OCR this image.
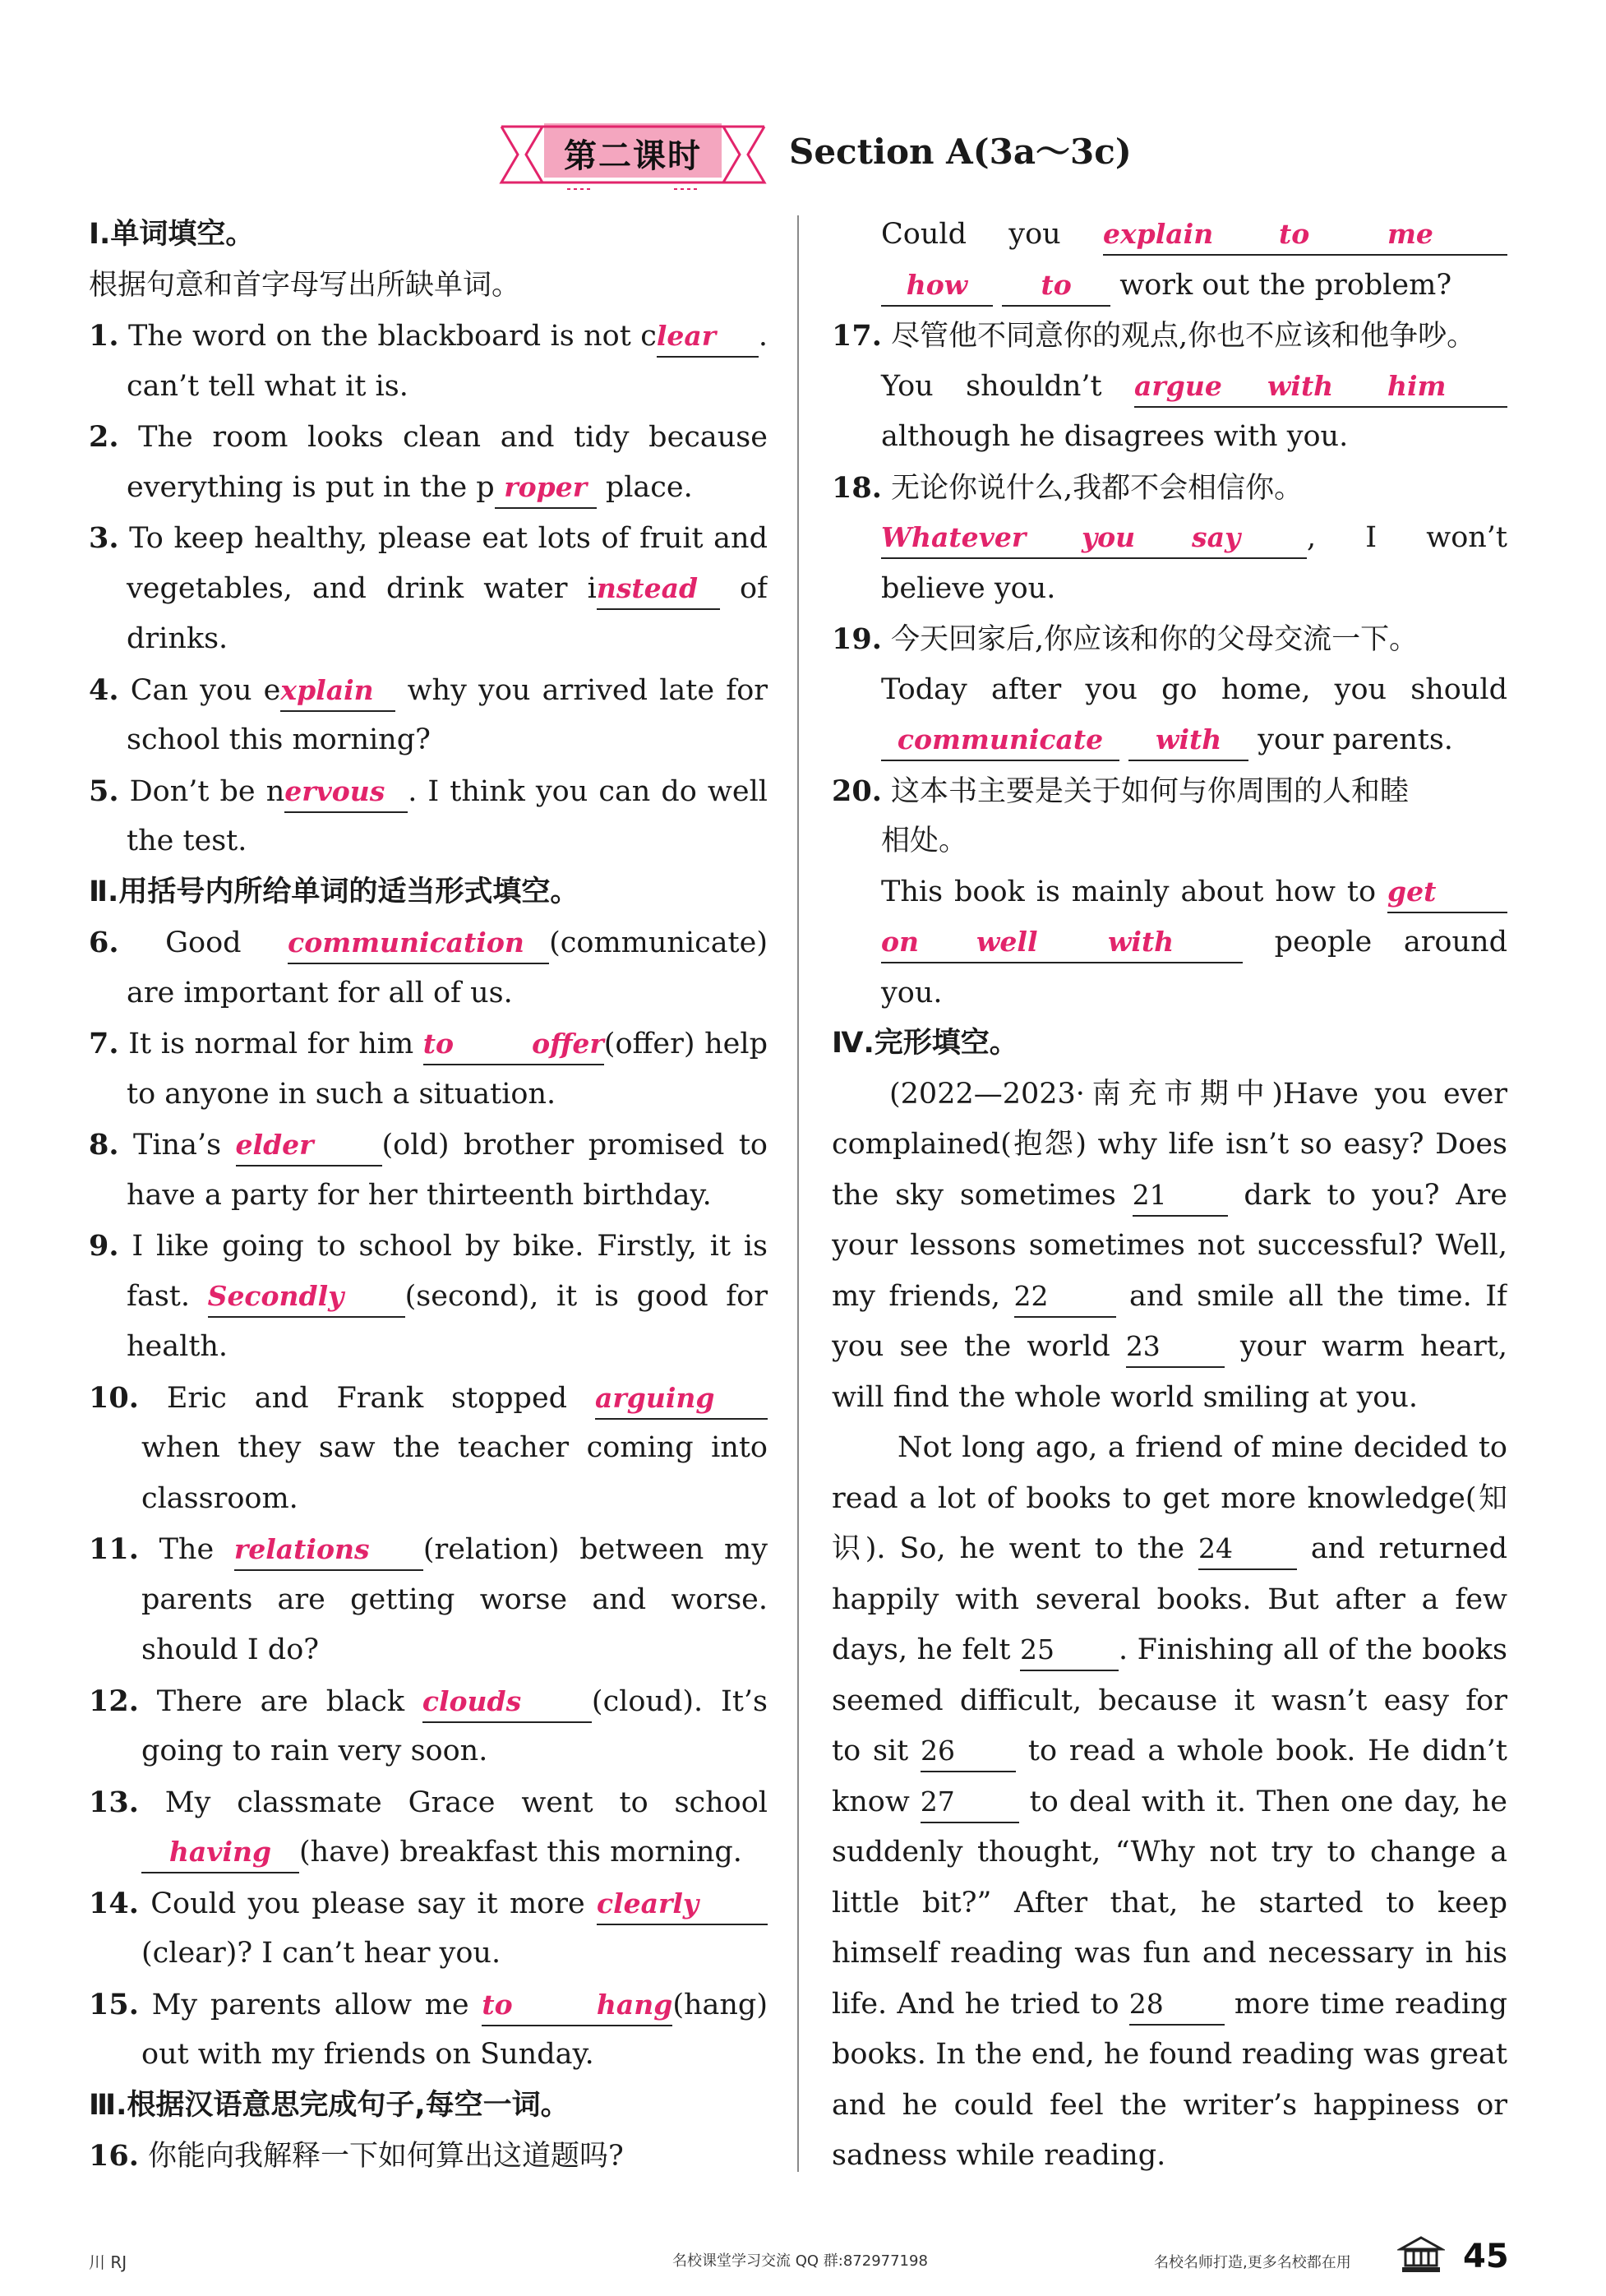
第二课时	Section A(3a～3c)
Ⅰ.单词填空。
根据句意和首字母写出所缺单词。
1. The word on the blackboard is not clear .
can’t tell what it is.
2. The room looks clean and tidy because
everything is put in the p roper place.
3. To keep healthy, please eat lots of fruit and
vegetables, and drink water instead of
drinks.
4. Can you explain why you arrived late for
school this morning?
5. Don’t be nervous . I think you can do well
the test.
Ⅱ.用括号内所给单词的适当形式填空。
6. Good communication (communicate)
are important for all of us.
7. It is normal for him to offer(offer) help
to anyone in such a situation.
8. Tina’s elder (old) brother promised to
have a party for her thirteenth birthday.
9. I like going to school by bike. Firstly, it is
fast. Secondly (second), it is good for
health.
10. Eric and Frank stopped arguing
when they saw the teacher coming into
classroom.
11. The relations (relation) between my
parents are getting worse and worse.
should I do?
12. There are black clouds (cloud). It’s
going to rain very soon.
13. My classmate Grace went to school
having (have) breakfast this morning.
14. Could you please say it more clearly
(clear)? I can’t hear you.
15. My parents allow me to hang(hang)
out with my friends on Sunday.
Ⅲ.根据汉语意思完成句子,每空一词。
16. 你能向我解释一下如何算出这道题吗?
Could you explain to	me
how	to work out the problem?
17. 尽管他不同意你的观点,你也不应该和他争吵。
You shouldn’t argue with him
although he disagrees with you.
18. 无论你说什么,我都不会相信你。
Whatever you say , I won’t
believe you.
19. 今天回家后,你应该和你的父母交流一下。
Today after you go home, you should
communicate with your parents.
20. 这本书主要是关于如何与你周围的人和睦
相处。
This book is mainly about how to get
on well	with people around
you.
Ⅳ.完形填空。
(2022—2023·南充市期中)Have you ever
complained(抱怨) why life isn’t so easy? Does
the sky sometimes 21 dark to you? Are
your lessons sometimes not successful? Well,
my friends, 22 and smile all the time. If
you see the world 23	your warm heart,
will find the whole world smiling at you.
Not long ago, a friend of mine decided to
read a lot of books to get more knowledge(知
识). So, he went to the 24 and returned
happily with several books. But after a few
days, he felt 25 . Finishing all of the books
seemed difficult, because it wasn’t easy for
to sit 26 to read a whole book. He didn’t
know 27 to deal with it. Then one day, he
suddenly thought, “Why not try to change a
little bit?” After that, he started to keep
himself reading was fun and necessary in his
life. And he tried to 28 more time reading
books. In the end, he found reading was great
and he could feel the writer’s happiness or
sadness while reading.
川 RJ	名校课堂学习交流 QQ 群:872977198	名校名师打造,更多名校都在用	45
